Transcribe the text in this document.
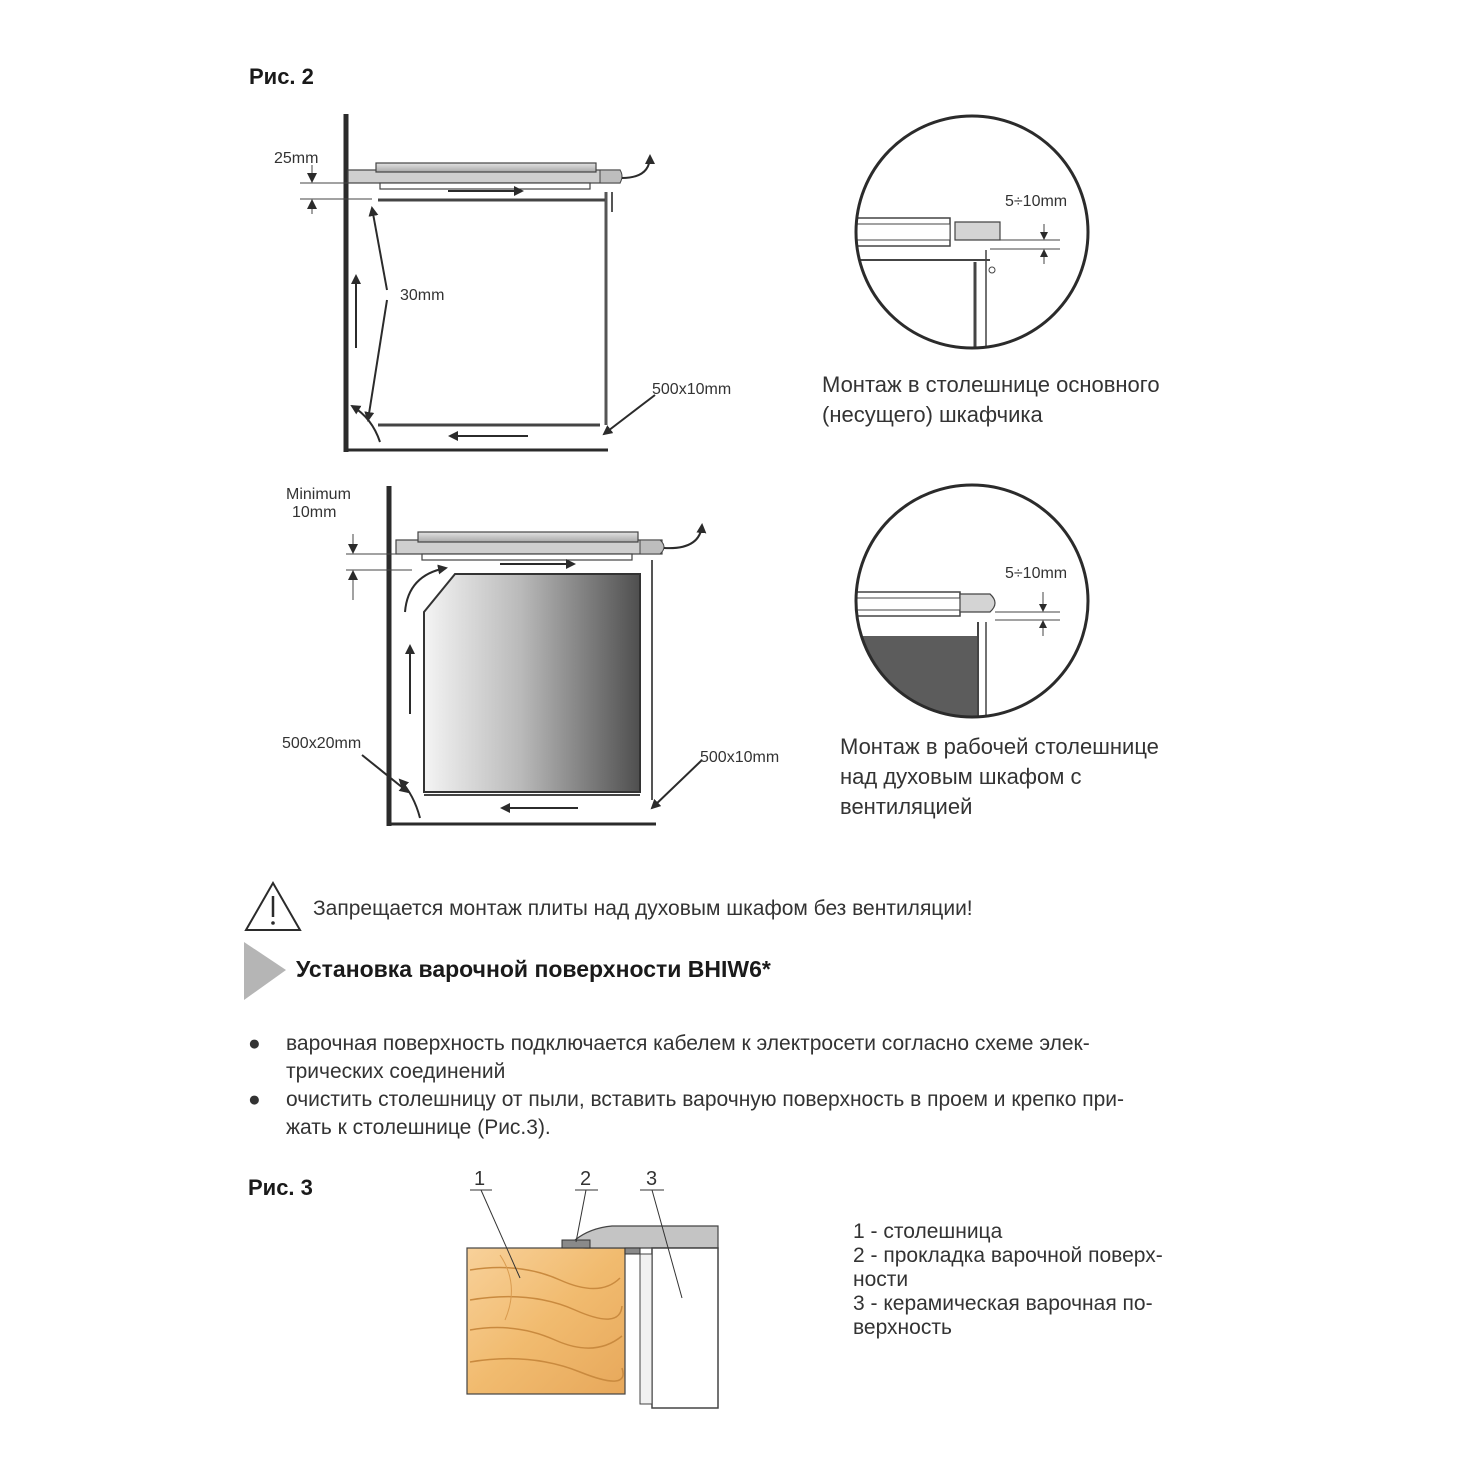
Рис. 2
25mm
30mm
500x10mm
5÷10mm
Монтаж в столешнице основного
(несущего) шкафчика
Minimum
10mm
500x20mm
500x10mm
5÷10mm
Монтаж в рабочей столешнице
над духовым шкафом с
вентиляцией
Запрещается монтаж плиты над духовым шкафом без вентиляции!
Установка варочной поверхности BHIW6*
● варочная поверхность подключается кабелем к электросети согласно схеме элек-
трических соединений
● очистить столешницу от пыли, вставить варочную поверхность в проем и крепко при-
жать к столешнице (Рис.3).
Рис. 3	1	2	3
1 - столешница
2 - прокладка варочной поверх-
ности
3 - керамическая варочная по-
верхность
